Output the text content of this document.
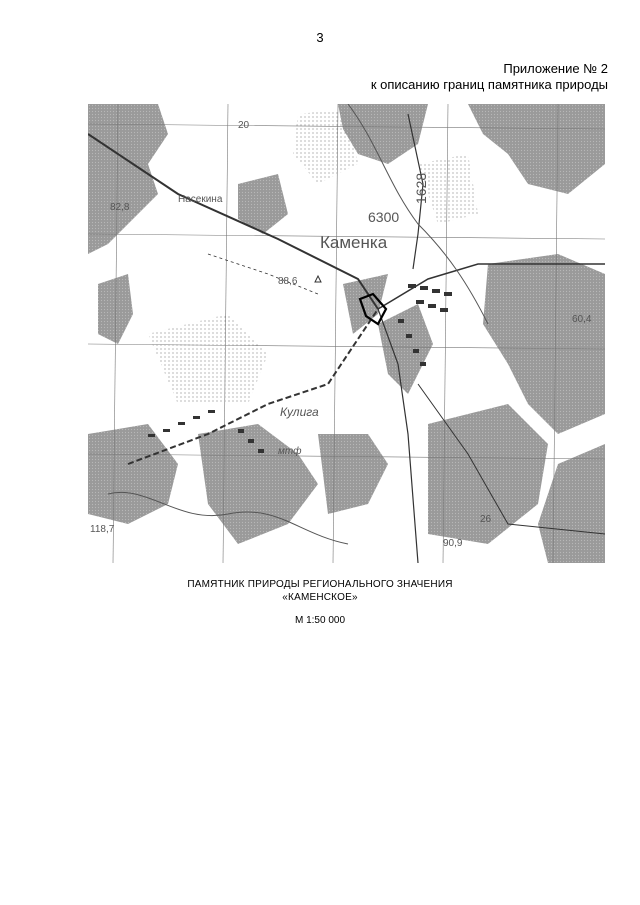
3
Приложение № 2
к описанию границ памятника природы
Каменка
Кулига
мтф
Насекина
82,8
88,6
118,7
90,9
60,4
6300
1628
26
20
ПАМЯТНИК ПРИРОДЫ РЕГИОНАЛЬНОГО ЗНАЧЕНИЯ
«КАМЕНСКОЕ»
М 1:50 000
